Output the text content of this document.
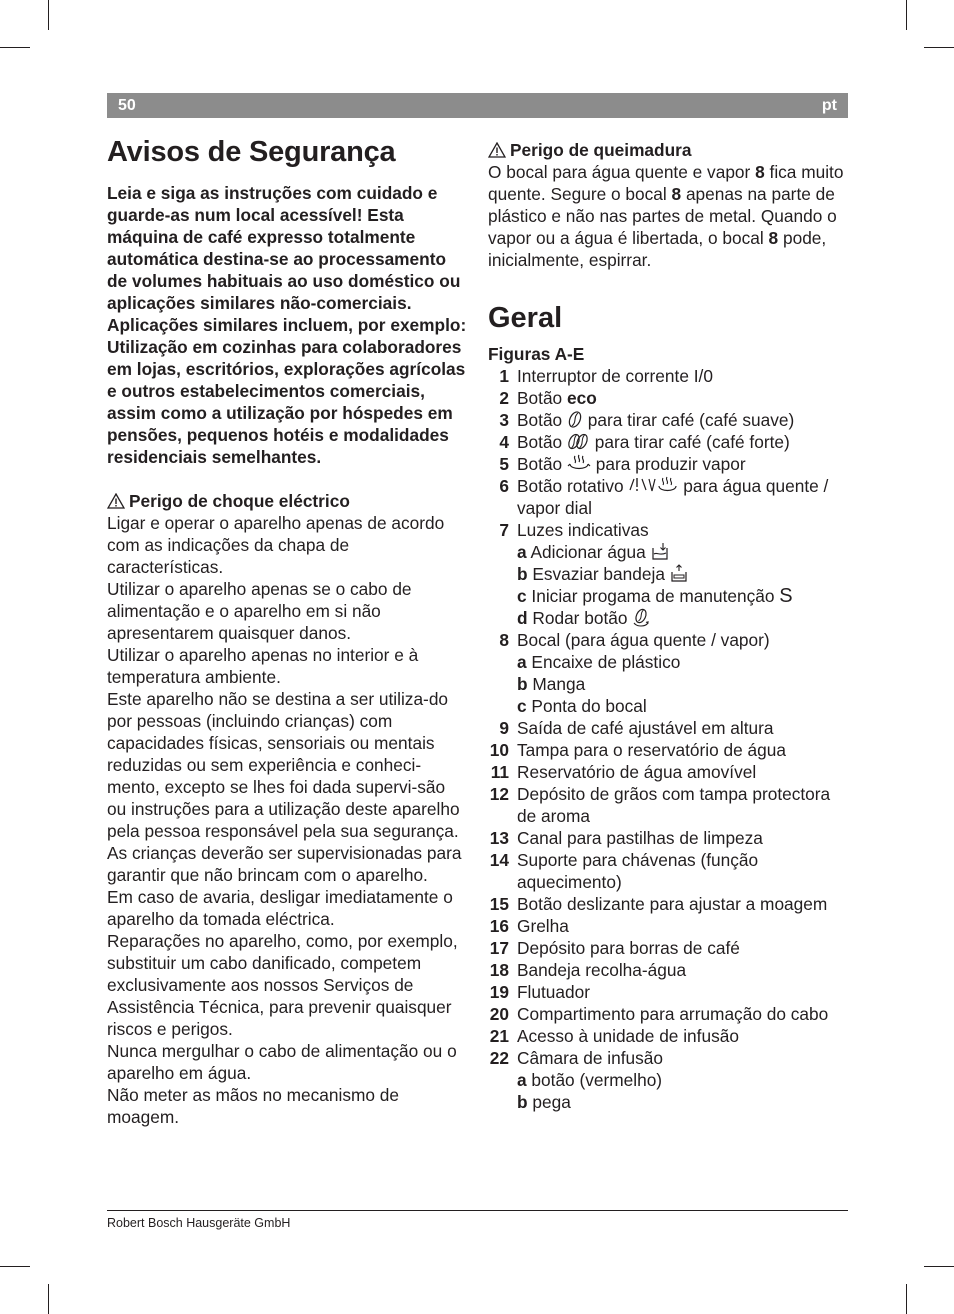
50	pt
Avisos de Segurança

Leia e siga as instruções com cuidado e guarde-as num local acessível! Esta máquina de café expresso totalmente automática destina-se ao processamento de volumes habituais ao uso doméstico ou aplicações similares não-comerciais. Aplicações similares incluem, por exemplo: Utilização em cozinhas para colaboradores em lojas, escritórios, explorações agrícolas e outros estabelecimentos comerciais, assim como a utilização por hóspedes em pensões, pequenos hotéis e modalidades residenciais semelhantes.

Perigo de choque eléctrico

Ligar e operar o aparelho apenas de acordo com as indicações da chapa de características.

Utilizar o aparelho apenas se o cabo de alimentação e o aparelho em si não apresentarem quaisquer danos.

Utilizar o aparelho apenas no interior e à temperatura ambiente.

Este aparelho não se destina a ser utiliza-do por pessoas (incluindo crianças) com capacidades físicas, sensoriais ou mentais reduzidas ou sem experiência e conheci-mento, excepto se lhes foi dada supervi-são ou instruções para a utilização deste aparelho pela pessoa responsável pela sua segurança.

As crianças deverão ser supervisionadas para garantir que não brincam com o aparelho.

Em caso de avaria, desligar imediatamente o aparelho da tomada eléctrica.

Reparações no aparelho, como, por exemplo, substituir um cabo danificado, competem exclusivamente aos nossos Serviços de Assistência Técnica, para prevenir quaisquer riscos e perigos.

Nunca mergulhar o cabo de alimentação ou o aparelho em água.

Não meter as mãos no mecanismo de moagem.

Perigo de queimadura

O bocal para água quente e vapor 8 fica muito quente. Segure o bocal 8 apenas na parte de plástico e não nas partes de metal. Quando o vapor ou a água é libertada, o bocal 8 pode, inicialmente, espirrar.

Geral

Figuras A-E

1 Interruptor de corrente I/0
2 Botão eco
3 Botão  para tirar café (café suave)
4 Botão  para tirar café (café forte)
5 Botão  para produzir vapor
6 Botão rotativo	para água quente / vapor dial
7 Luzes indicativas
a Adicionar água
b Esvaziar bandeja
c Iniciar progama de manutenção S
d Rodar botão
8 Bocal (para água quente / vapor)
a Encaixe de plástico
b Manga
c Ponta do bocal
9 Saída de café ajustável em altura
10 Tampa para o reservatório de água
11 Reservatório de água amovível
12 Depósito de grãos com tampa protectora de aroma
13 Canal para pastilhas de limpeza
14 Suporte para chávenas (função aquecimento)
15 Botão deslizante para ajustar a moagem
16 Grelha
17 Depósito para borras de café
18 Bandeja recolha-água
19 Flutuador
20 Compartimento para arrumação do cabo
21 Acesso à unidade de infusão
22 Câmara de infusão
a botão (vermelho)
b pega
Robert Bosch Hausgeräte GmbH
